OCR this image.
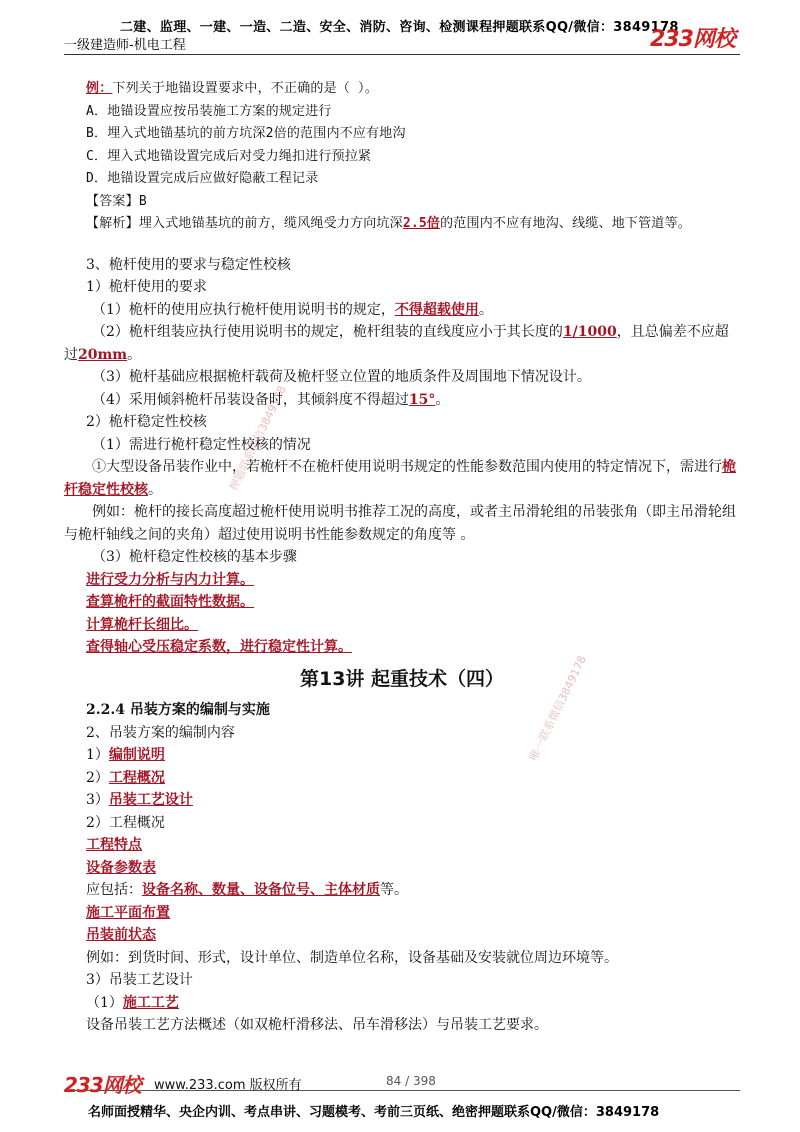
二建、监理、一建、一造、二造、安全、消防、咨询、检测课程押题联系QQ/微信：3849178
一级建造师-机电工程	233网校
押题联系微信3849178
唯一联系微信3849178

例：下列关于地锚设置要求中，不正确的是（ ）。

A．地锚设置应按吊装施工方案的规定进行

B．埋入式地锚基坑的前方坑深2倍的范围内不应有地沟

C．埋入式地锚设置完成后对受力绳扣进行预拉紧

D．地锚设置完成后应做好隐蔽工程记录

【答案】B

【解析】埋入式地锚基坑的前方，缆风绳受力方向坑深2.5倍的范围内不应有地沟、线缆、地下管道等。

3、桅杆使用的要求与稳定性校核

1）桅杆使用的要求

（1）桅杆的使用应执行桅杆使用说明书的规定，不得超载使用。

（2）桅杆组装应执行使用说明书的规定，桅杆组装的直线度应小于其长度的1/1000，且总偏差不应超过20mm。

（3）桅杆基础应根据桅杆载荷及桅杆竖立位置的地质条件及周围地下情况设计。

（4）采用倾斜桅杆吊装设备时，其倾斜度不得超过15°。

2）桅杆稳定性校核

（1）需进行桅杆稳定性校核的情况

①大型设备吊装作业中，若桅杆不在桅杆使用说明书规定的性能参数范围内使用的特定情况下，需进行桅杆稳定性校核。

例如：桅杆的接长高度超过桅杆使用说明书推荐工况的高度，或者主吊滑轮组的吊装张角（即主吊滑轮组与桅杆轴线之间的夹角）超过使用说明书性能参数规定的角度等 。

（3）桅杆稳定性校核的基本步骤

进行受力分析与内力计算。

查算桅杆的截面特性数据。

计算桅杆长细比。

查得轴心受压稳定系数，进行稳定性计算。

第13讲 起重技术（四）

2.2.4 吊装方案的编制与实施

2、吊装方案的编制内容

1）编制说明

2）工程概况

3）吊装工艺设计

2）工程概况

工程特点

设备参数表

应包括：设备名称、数量、设备位号、主体材质等。

施工平面布置

吊装前状态

例如：到货时间、形式，设计单位、制造单位名称，设备基础及安装就位周边环境等。

3）吊装工艺设计

（1）施工工艺

设备吊装工艺方法概述（如双桅杆滑移法、吊车滑移法）与吊装工艺要求。

233网校 www.233.com 版权所有	84 / 398
名师面授精华、央企内训、考点串讲、习题模考、考前三页纸、绝密押题联系QQ/微信：3849178
